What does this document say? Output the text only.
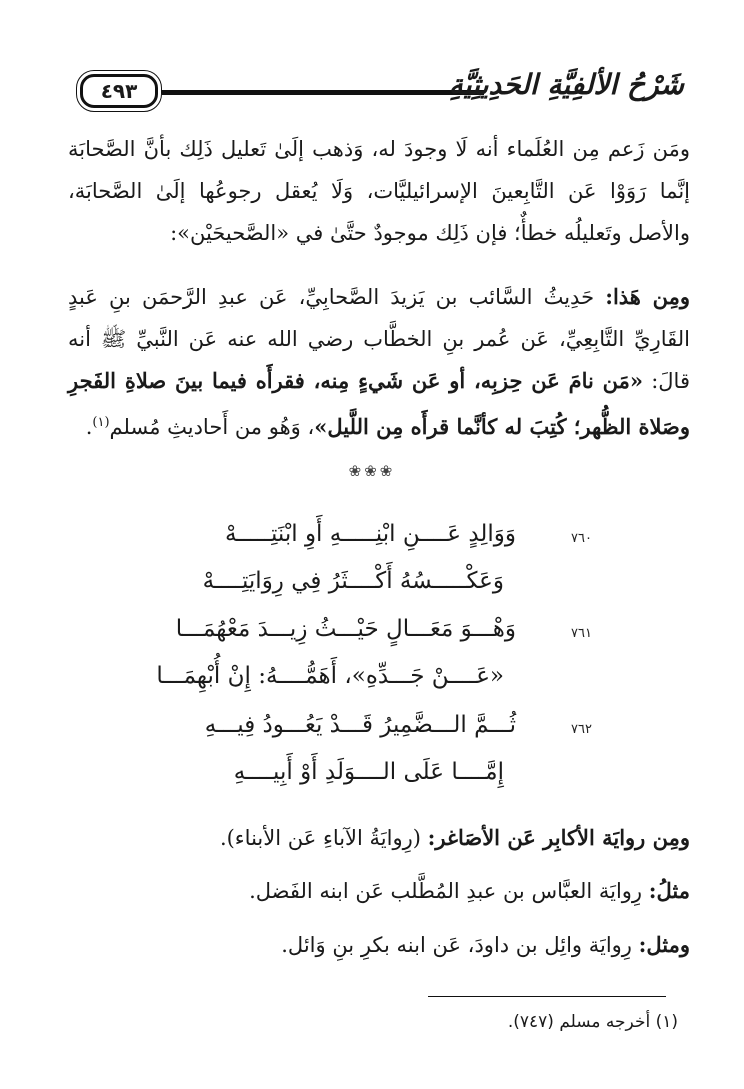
٤٩٣	شَرْحُ الألفِيَّةِ الحَدِيثِيَّةِ

ومَن زَعم مِن العُلَماء أنه لَا وجودَ له، وَذهب إلَىٰ تَعليل ذَلِك بأنَّ الصَّحابَة إنَّما رَوَوْا عَن التَّابِعينَ الإسرائيليَّات، وَلَا يُعقل رجوعُها إلَىٰ الصَّحابَة، والأصل وتَعليلُه خطأٌ؛ فإن ذَلِك موجودٌ حتَّىٰ في «الصَّحيحَيْن»:

ومِن هَذا: حَدِيثُ السَّائب بن يَزيدَ الصَّحابِيِّ، عَن عبدِ الرَّحمَن بنِ عَبدٍ القَارِيِّ التَّابِعِيِّ، عَن عُمر بنِ الخطَّاب رضي الله عنه عَن النَّبيِّ ﷺ أنه قالَ: «مَن نامَ عَن حِزبِه، أو عَن شَيءٍ مِنه، فقرأَه فيما بينَ صلاةِ الفَجرِ وصَلاة الظُّهر؛ كُتِبَ له كأنَّما قرأَه مِن اللَّيل»، وَهُو من أَحاديثِ مُسلم$^{(١)}$.

❀❀❀
٧٦٠
وَوَالِدٍ عَــــنِ ابْنِـــــهِ أَوِ ابْنَتِـــــهْ
وَعَكْـــــسُهُ أَكْــــثَرُ فِي رِوَايَتِــــهْ
٧٦١
وَهْـــوَ مَعَـــالٍ حَيْـــثُ زِيـــدَ مَعْهُمَـــا
«عَــــنْ جَـــدِّهِ»، أَهَمُّــــهُ: إِنْ أُبْهِمَـــا
٧٦٢
ثُـــمَّ الـــضَّمِيرُ قَـــدْ يَعُـــودُ فِيـــهِ
إِمَّــــا عَلَى الــــوَلَدِ أَوْ أَبِيــــهِ
ومِن روايَة الأكابِر عَن الأصَاغر: (رِوايَةُ الآباءِ عَن الأبناء).
مثلُ: رِوايَة العبَّاس بن عبدِ المُطَّلب عَن ابنه الفَضل.
ومثل: رِوايَة وائِل بن داودَ، عَن ابنه بكرِ بنِ وَائل.
(١) أخرجه مسلم (٧٤٧).
